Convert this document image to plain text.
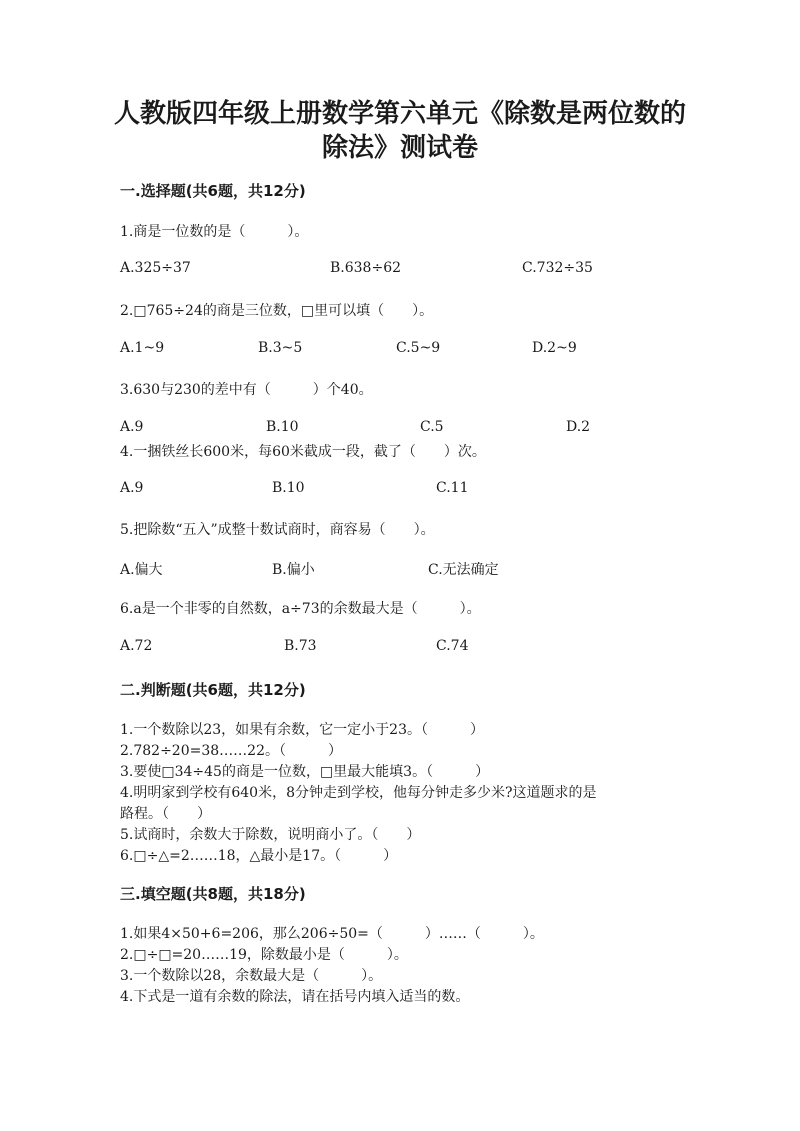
人教版四年级上册数学第六单元《除数是两位数的
除法》测试卷
一.选择题(共6题，共12分)
1.商是一位数的是（　　　）。
A.325÷37	B.638÷62	C.732÷35
2.□765÷24的商是三位数，□里可以填（　　）。
A.1~9	B.3~5	C.5~9	D.2~9
3.630与230的差中有（　　　）个40。
A.9	B.10	C.5	D.2
4.一捆铁丝长600米，每60米截成一段，截了（　　）次。
A.9	B.10	C.11
5.把除数“五入”成整十数试商时，商容易（　　）。
A.偏大	B.偏小	C.无法确定
6.a是一个非零的自然数，a÷73的余数最大是（　　　）。
A.72	B.73	C.74
二.判断题(共6题，共12分)
1.一个数除以23，如果有余数，它一定小于23。（　　　）
2.782÷20=38……22。（　　　）
3.要使□34÷45的商是一位数，□里最大能填3。（　　　）
4.明明家到学校有640米，8分钟走到学校，他每分钟走多少米?这道题求的是
路程。（　　）
5.试商时，余数大于除数，说明商小了。（　　）
6.□÷△=2……18，△最小是17。（　　　）
三.填空题(共8题，共18分)
1.如果4×50+6=206，那么206÷50=（　　　）……（　　　）。
2.□÷□=20……19，除数最小是（　　　）。
3.一个数除以28，余数最大是（　　　）。
4.下式是一道有余数的除法，请在括号内填入适当的数。
